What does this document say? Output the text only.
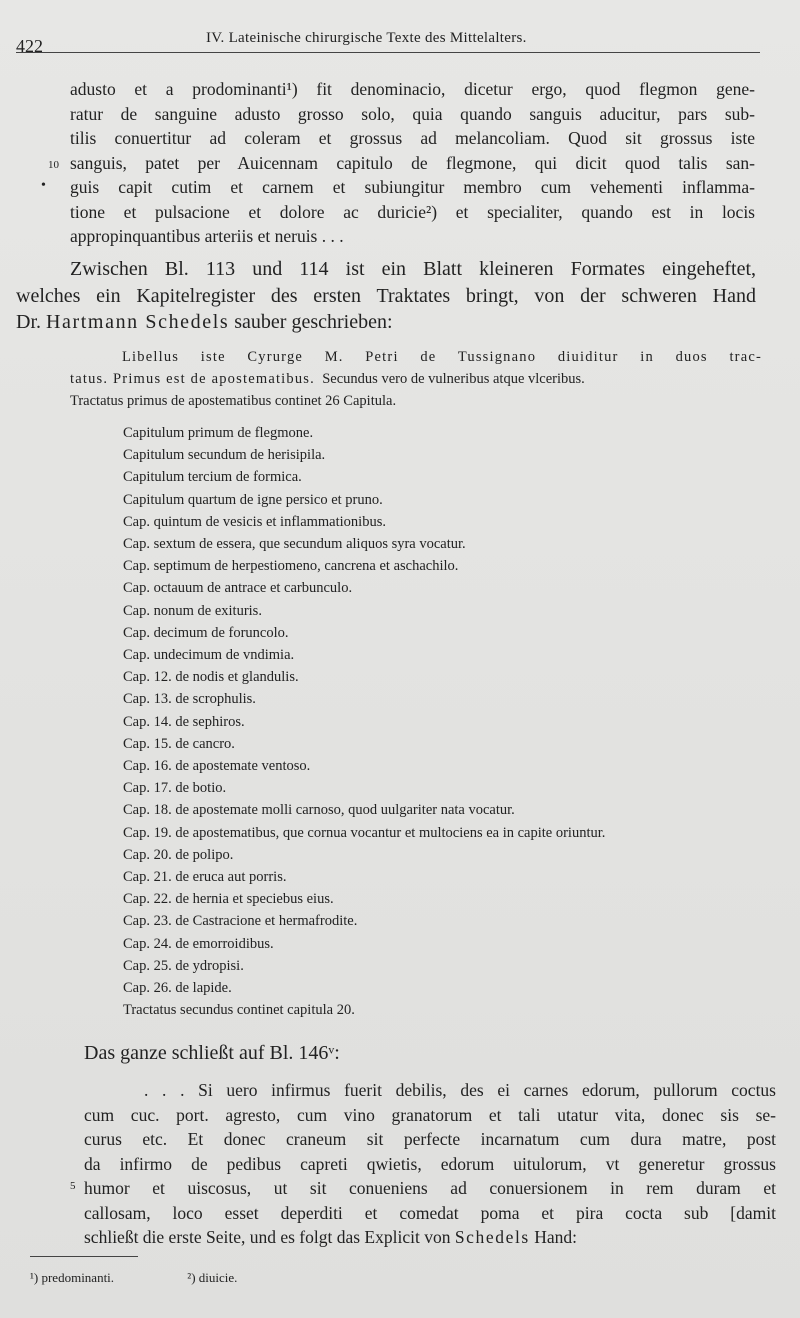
422	IV. Lateinische chirurgische Texte des Mittelalters.
adusto et a prodominanti¹) fit denominacio, dicetur ergo, quod flegmon gene-
ratur de sanguine adusto grosso solo, quia quando sanguis aducitur, pars sub-
tilis conuertitur ad coleram et grossus ad melancoliam. Quod sit grossus iste
sanguis, patet per Auicennam capitulo de flegmone, qui dicit quod talis san-
guis capit cutim et carnem et subiungitur membro cum vehementi inflamma-
tione et pulsacione et dolore ac duricie²) et specialiter, quando est in locis
appropinquantibus arteriis et neruis . . .
10
•
Zwischen Bl. 113 und 114 ist ein Blatt kleineren Formates eingeheftet,
welches ein Kapitelregister des ersten Traktates bringt, von der schweren Hand
Dr. Hartmann Schedels sauber geschrieben:
Libellus iste Cyrurge M. Petri de Tussignano diuiditur in duos trac-
tatus. Primus est de apostematibus. Secundus vero de vulneribus atque vlceribus.
Tractatus primus de apostematibus continet 26 Capitula.
Capitulum primum de flegmone.
Capitulum secundum de herisipila.
Capitulum tercium de formica.
Capitulum quartum de igne persico et pruno.
Cap. quintum de vesicis et inflammationibus.
Cap. sextum de essera, que secundum aliquos syra vocatur.
Cap. septimum de herpestiomeno, cancrena et aschachilo.
Cap. octauum de antrace et carbunculo.
Cap. nonum de exituris.
Cap. decimum de foruncolo.
Cap. undecimum de vndimia.
Cap. 12. de nodis et glandulis.
Cap. 13. de scrophulis.
Cap. 14. de sephiros.
Cap. 15. de cancro.
Cap. 16. de apostemate ventoso.
Cap. 17. de botio.
Cap. 18. de apostemate molli carnoso, quod uulgariter nata vocatur.
Cap. 19. de apostematibus, que cornua vocantur et multociens ea in capite oriuntur.
Cap. 20. de polipo.
Cap. 21. de eruca aut porris.
Cap. 22. de hernia et speciebus eius.
Cap. 23. de Castracione et hermafrodite.
Cap. 24. de emorroidibus.
Cap. 25. de ydropisi.
Cap. 26. de lapide.
Tractatus secundus continet capitula 20.
Das ganze schließt auf Bl. 146ᵛ:
. . . Si uero infirmus fuerit debilis, des ei carnes edorum, pullorum coctus
cum cuc. port. agresto, cum vino granatorum et tali utatur vita, donec sis se-
curus etc. Et donec craneum sit perfecte incarnatum cum dura matre, post
da infirmo de pedibus capreti qwietis, edorum uitulorum, vt generetur grossus
humor et uiscosus, ut sit conueniens ad conuersionem in rem duram et
callosam, loco esset deperditi et comedat poma et pira cocta sub [damit
schließt die erste Seite, und es folgt das Explicit von Schedels Hand:
5
¹) predominanti.	²) diuicie.
